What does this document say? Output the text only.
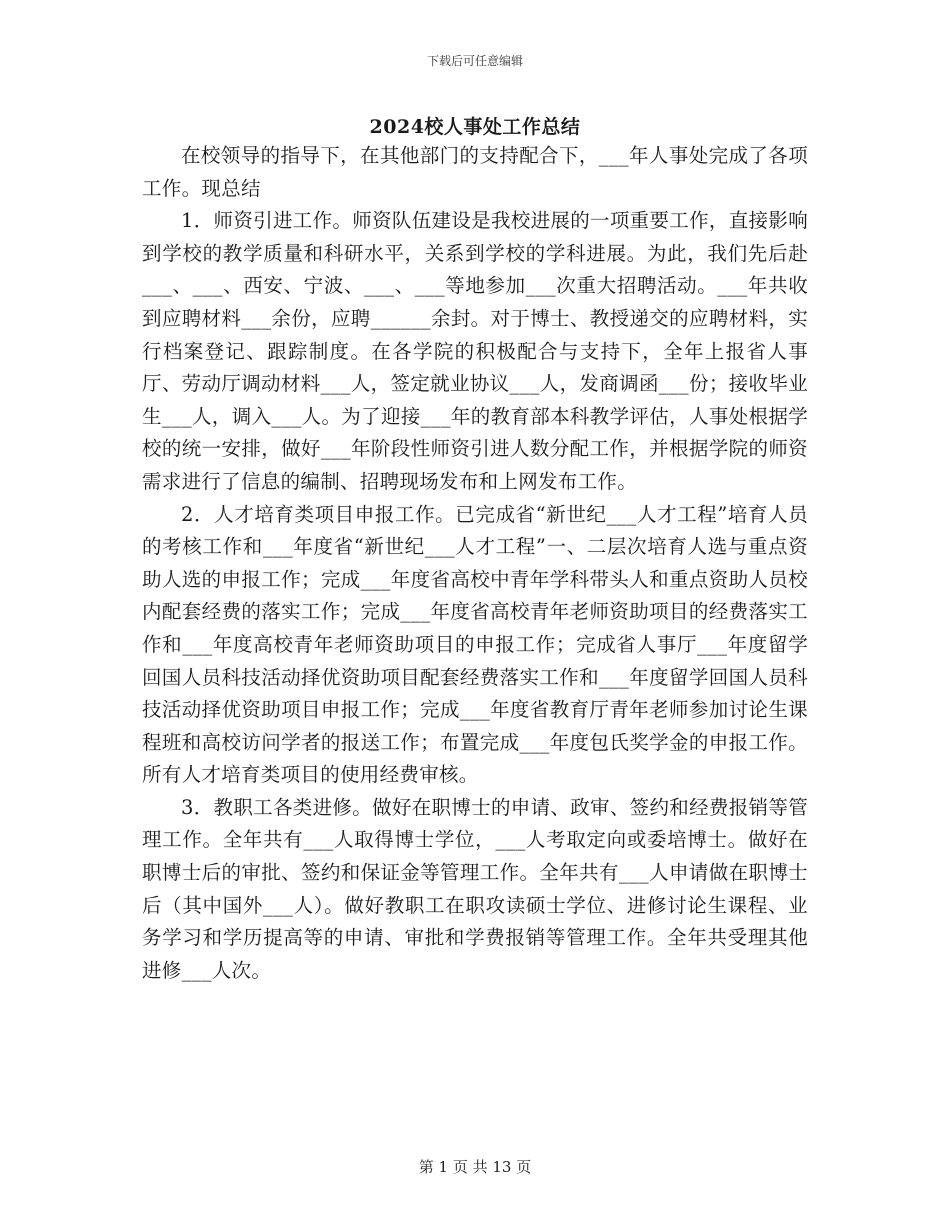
下载后可任意编辑
2024校人事处工作总结

在校领导的指导下，在其他部门的支持配合下，___年人事处完成了各项工作。现总结

1．师资引进工作。师资队伍建设是我校进展的一项重要工作，直接影响到学校的教学质量和科研水平，关系到学校的学科进展。为此，我们先后赴___、___、西安、宁波、___、___等地参加___次重大招聘活动。___年共收到应聘材料___余份，应聘______余封。对于博士、教授递交的应聘材料，实行档案登记、跟踪制度。在各学院的积极配合与支持下，全年上报省人事厅、劳动厅调动材料___人，签定就业协议___人，发商调函___份；接收毕业生___人，调入___人。为了迎接___年的教育部本科教学评估，人事处根据学校的统一安排，做好___年阶段性师资引进人数分配工作，并根据学院的师资需求进行了信息的编制、招聘现场发布和上网发布工作。

2．人才培育类项目申报工作。已完成省“新世纪___人才工程”培育人员的考核工作和___年度省“新世纪___人才工程”一、二层次培育人选与重点资助人选的申报工作；完成___年度省高校中青年学科带头人和重点资助人员校内配套经费的落实工作；完成___年度省高校青年老师资助项目的经费落实工作和___年度高校青年老师资助项目的申报工作；完成省人事厅___年度留学回国人员科技活动择优资助项目配套经费落实工作和___年度留学回国人员科技活动择优资助项目申报工作；完成___年度省教育厅青年老师参加讨论生课程班和高校访问学者的报送工作；布置完成___年度包氏奖学金的申报工作。所有人才培育类项目的使用经费审核。

3．教职工各类进修。做好在职博士的申请、政审、签约和经费报销等管理工作。全年共有___人取得博士学位，___人考取定向或委培博士。做好在职博士后的审批、签约和保证金等管理工作。全年共有___人申请做在职博士后（其中国外___人）。做好教职工在职攻读硕士学位、进修讨论生课程、业务学习和学历提高等的申请、审批和学费报销等管理工作。全年共受理其他进修___人次。

第 1 页 共 13 页
